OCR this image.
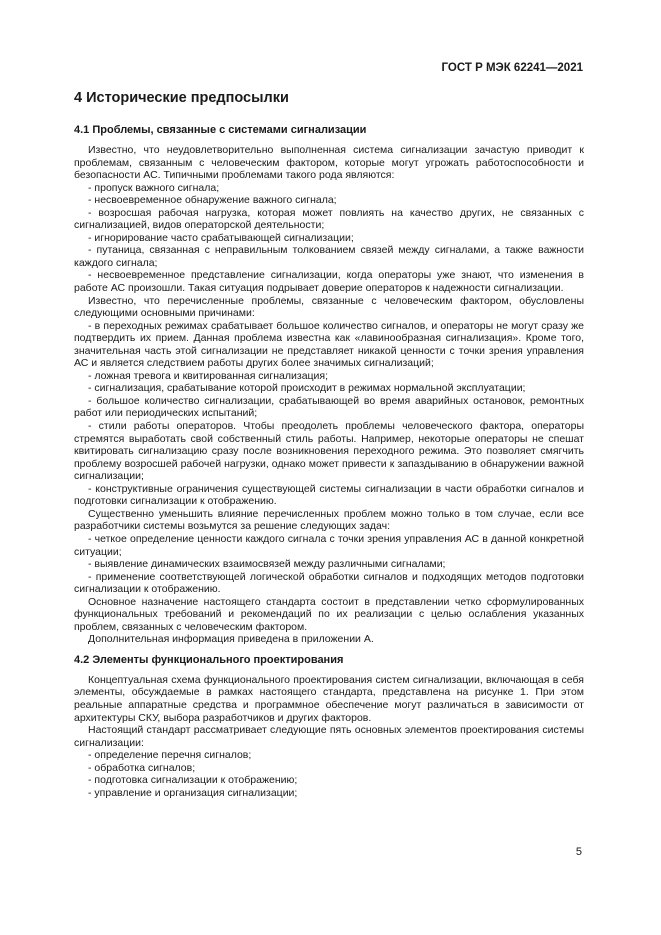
ГОСТ Р МЭК 62241—2021
4 Исторические предпосылки
4.1 Проблемы, связанные с системами сигнализации

Известно, что неудовлетворительно выполненная система сигнализации зачастую приводит к проблемам, связанным с человеческим фактором, которые могут угрожать работоспособности и безопасности АС. Типичными проблемами такого рода являются:

- пропуск важного сигнала;

- несвоевременное обнаружение важного сигнала;

- возросшая рабочая нагрузка, которая может повлиять на качество других, не связанных с сигнализацией, видов операторской деятельности;

- игнорирование часто срабатывающей сигнализации;

- путаница, связанная с неправильным толкованием связей между сигналами, а также важности каждого сигнала;

- несвоевременное представление сигнализации, когда операторы уже знают, что изменения в работе АС произошли. Такая ситуация подрывает доверие операторов к надежности сигнализации.

Известно, что перечисленные проблемы, связанные с человеческим фактором, обусловлены следующими основными причинами:

- в переходных режимах срабатывает большое количество сигналов, и операторы не могут сразу же подтвердить их прием. Данная проблема известна как «лавинообразная сигнализация». Кроме того, значительная часть этой сигнализации не представляет никакой ценности с точки зрения управления АС и является следствием работы других более значимых сигнализаций;

- ложная тревога и квитированная сигнализация;

- сигнализация, срабатывание которой происходит в режимах нормальной эксплуатации;

- большое количество сигнализации, срабатывающей во время аварийных остановок, ремонтных работ или периодических испытаний;

- стили работы операторов. Чтобы преодолеть проблемы человеческого фактора, операторы стремятся выработать свой собственный стиль работы. Например, некоторые операторы не спешат квитировать сигнализацию сразу после возникновения переходного режима. Это позволяет смягчить проблему возросшей рабочей нагрузки, однако может привести к запаздыванию в обнаружении важной сигнализации;

- конструктивные ограничения существующей системы сигнализации в части обработки сигналов и подготовки сигнализации к отображению.

Существенно уменьшить влияние перечисленных проблем можно только в том случае, если все разработчики системы возьмутся за решение следующих задач:

- четкое определение ценности каждого сигнала с точки зрения управления АС в данной конкретной ситуации;

- выявление динамических взаимосвязей между различными сигналами;

- применение соответствующей логической обработки сигналов и подходящих методов подготовки сигнализации к отображению.

Основное назначение настоящего стандарта состоит в представлении четко сформулированных функциональных требований и рекомендаций по их реализации с целью ослабления указанных проблем, связанных с человеческим фактором.

Дополнительная информация приведена в приложении А.

4.2 Элементы функционального проектирования

Концептуальная схема функционального проектирования систем сигнализации, включающая в себя элементы, обсуждаемые в рамках настоящего стандарта, представлена на рисунке 1. При этом реальные аппаратные средства и программное обеспечение могут различаться в зависимости от архитектуры СКУ, выбора разработчиков и других факторов.

Настоящий стандарт рассматривает следующие пять основных элементов проектирования системы сигнализации:

- определение перечня сигналов;

- обработка сигналов;

- подготовка сигнализации к отображению;

- управление и организация сигнализации;

5
